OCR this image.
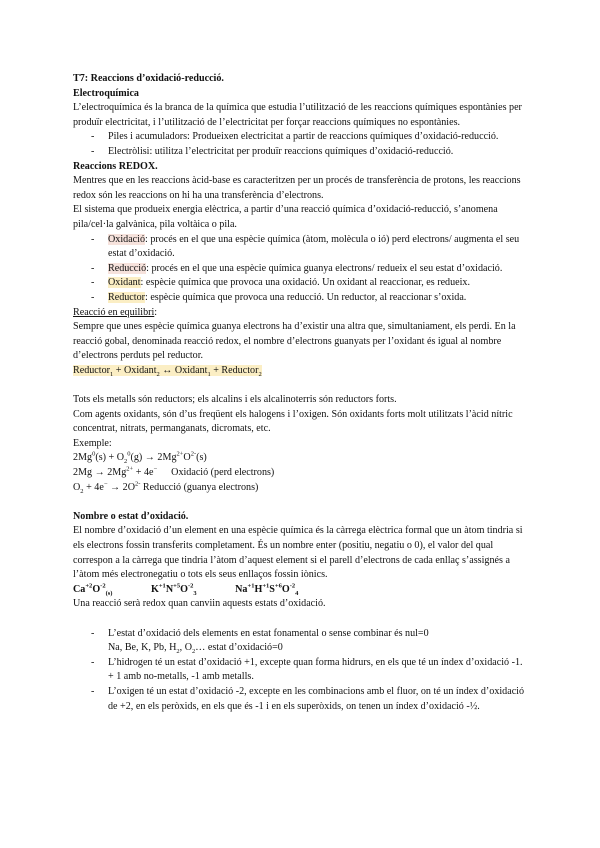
T7: Reaccions d’oxidació-reducció.

Electroquímica

L’electroquímica és la branca de la química que estudia l’utilització de les reaccions químiques espontànies per produïr electricitat, i l’utilització de l’electricitat per forçar reaccions químiques no espontànies.

- Piles i acumuladors: Produeixen electricitat a partir de reaccions químiques d’oxidació-reducció.
- Electròlisi: utilitza l’electricitat per produïr reaccions químiques d’oxidació-reducció.

Reaccions REDOX.

Mentres que en les reaccions àcid-base es caracteritzen per un procés de transferència de protons, les reaccions redox són les reaccions on hi ha una transferència d’electrons.

El sistema que produeix energia elèctrica, a partir d’una reacció química d’oxidació-reducció, s’anomena pila/cel·la galvànica, pila voltàica o pila.

- Oxidació: procés en el que una espècie química (àtom, molècula o ió) perd electrons/ augmenta el seu estat d’oxidació.
- Reducció: procés en el que una espècie química guanya electrons/ redueix el seu estat d’oxidació.
- Oxidant: espècie química que provoca una oxidació. Un oxidant al reaccionar, es redueix.
- Reductor: espècie química que provoca una reducció. Un reductor, al reaccionar s’oxida.

Reacció en equilibri:

Sempre que unes espècie química guanya electrons ha d’existir una altra que, simultaniament, els perdi. En la reacció gobal, denominada reacció redox, el nombre d’electrons guanyats per l’oxidant és igual al nombre d’electrons perduts pel reductor.

Reductor$_1$ + Oxidant$_2$ ↔ Oxidant$_1$ + Reductor$_2$

Tots els metalls són reductors; els alcalins i els alcalinoterris són reductors forts.

Com agents oxidants, són d’us freqüent els halogens i l’oxigen. Són oxidants forts molt utilitzats l’àcid nítric concentrat, nitrats, permanganats, dicromats, etc.

Exemple:

$2Mg^0(s) + O_2^0(g) \to 2Mg^{2+}O^{2-}(s)$

$2Mg \to 2Mg^{2+} + 4e^-$ Oxidació (perd electrons)

$O_2 + 4e^- \to 2O^{2-}$ Reducció (guanya electrons)

Nombre o estat d’oxidació.

El nombre d’oxidació d’un element en una espècie química és la càrrega elèctrica formal que un àtom tindria si els electrons fossin transferits completament. És un nombre enter (positiu, negatiu o 0), el valor del qual correspon a la càrrega que tindria l’àtom d’aquest element si el parell d’electrons de cada enllaç s’assignés a l’àtom més electronegatiu o tots els seus enllaços fossin iònics.

$Ca^{+2}O^{-2}_{(s)}$	$K^{+1}N^{+5}O^{-2}_3$	$Na^{+1}H^{+1}S^{+6}O^{-2}_4$

Una reacció serà redox quan canviin aquests estats d’oxidació.

- L’estat d’oxidació dels elements en estat fonamental o sense combinar és nul=0
Na, Be, K, Pb, $H_2$, $O_2\dots$ estat d’oxidació=0
- L’hidrogen té un estat d’oxidació +1, excepte quan forma hidrurs, en els que té un índex d’oxidació -1. + 1 amb no-metalls, -1 amb metalls.
- L’oxigen té un estat d’oxidació -2, excepte en les combinacions amb el fluor, on té un índex d’oxidació de +2, en els peròxids, en els que és -1 i en els superòxids, on tenen un índex d’oxidació -½.
